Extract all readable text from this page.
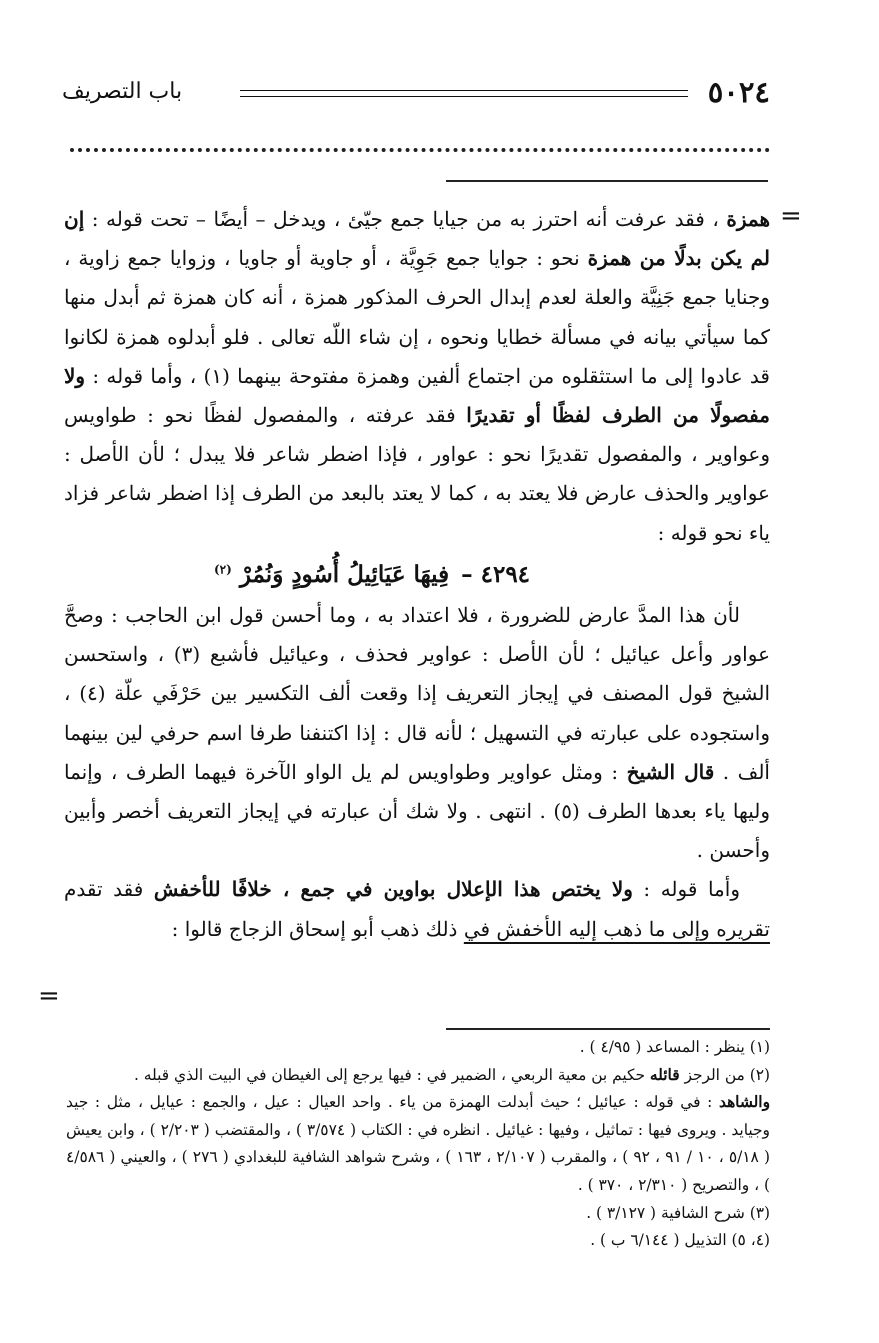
٥٠٢٤
باب التصريف
=

همزة ، فقد عرفت أنه احترز به من جيايا جمع جيّئ ، ويدخل – أيضًا – تحت قوله : إن لم يكن بدلًا من همزة نحو : جوايا جمع جَوِيَّة ، أو جاوية أو جاويا ، وزوايا جمع زاوية ، وجنايا جمع جَنِيَّة والعلة لعدم إبدال الحرف المذكور همزة ، أنه كان همزة ثم أبدل منها كما سيأتي بيانه في مسألة خطايا ونحوه ، إن شاء اللّه تعالى . فلو أبدلوه همزة لكانوا قد عادوا إلى ما استثقلوه من اجتماع ألفين وهمزة مفتوحة بينهما (١) ، وأما قوله : ولا مفصولًا من الطرف لفظًا أو تقديرًا فقد عرفته ، والمفصول لفظًا نحو : طواويس وعواوير ، والمفصول تقديرًا نحو : عواور ، فإذا اضطر شاعر فلا يبدل ؛ لأن الأصل : عواوير والحذف عارض فلا يعتد به ، كما لا يعتد بالبعد من الطرف إذا اضطر شاعر فزاد ياء نحو قوله :

٤٢٩٤ –فِيهَا عَيَائِيلُ أُسُودٍ وَنُمُرْ $^{(٢)}$

لأن هذا المدَّ عارض للضرورة ، فلا اعتداد به ، وما أحسن قول ابن الحاجب : وصحَّ عواور وأعل عيائيل ؛ لأن الأصل : عواوير فحذف ، وعيائيل فأشبع (٣) ، واستحسن الشيخ قول المصنف في إيجاز التعريف إذا وقعت ألف التكسير بين حَرْفَي علّة (٤) ، واستجوده على عبارته في التسهيل ؛ لأنه قال : إذا اكتنفنا طرفا اسم حرفي لين بينهما ألف . قال الشيخ : ومثل عواوير وطواويس لم يل الواو الآخرة فيهما الطرف ، وإنما وليها ياء بعدها الطرف (٥) . انتهى . ولا شك أن عبارته في إيجاز التعريف أخصر وأبين وأحسن .

وأما قوله : ولا يختص هذا الإعلال بواوين في جمع ، خلافًا للأخفش فقد تقدم تقريره وإلى ما ذهب إليه الأخفش في ذلك ذهب أبو إسحاق الزجاج قالوا :

=

(١) ينظر : المساعد ( ٤/٩٥ ) .

(٢) من الرجز قائله حكيم بن معية الربعي ، الضمير في : فيها يرجع إلى الغيطان في البيت الذي قبله .
والشاهد : في قوله : عيائيل ؛ حيث أبدلت الهمزة من ياء . واحد العيال : عيل ، والجمع : عيايل ، مثل : جيد وجيايد . ويروى فيها : تماثيل ، وفيها : غيائيل . انظره في : الكتاب ( ٣/٥٧٤ ) ، والمقتضب ( ٢/٢٠٣ ) ، وابن يعيش ( ٥/١٨ ، ١٠ / ٩١ ، ٩٢ ) ، والمقرب ( ٢/١٠٧ ، ١٦٣ ) ، وشرح شواهد الشافية للبغدادي ( ٢٧٦ ) ، والعيني ( ٤/٥٨٦ ) ، والتصريح ( ٢/٣١٠ ، ٣٧٠ ) .

(٣) شرح الشافية ( ٣/١٢٧ ) .

(٤، ٥) التذييل ( ٦/١٤٤ ب ) .
